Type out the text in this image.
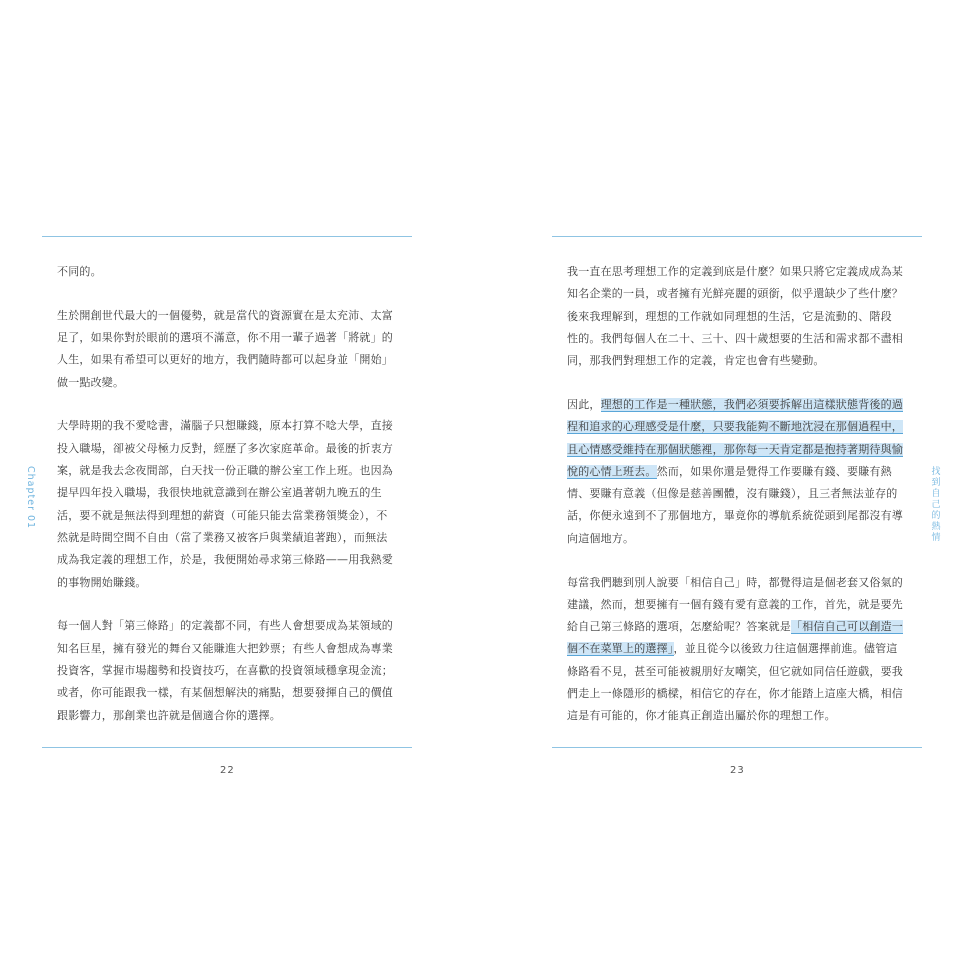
Chapter 01

不同的。

生於開創世代最大的一個優勢，就是當代的資源實在是太充沛、太富
足了，如果你對於眼前的選項不滿意，你不用一輩子過著「將就」的
人生，如果有希望可以更好的地方，我們隨時都可以起身並「開始」
做一點改變。

大學時期的我不愛唸書，滿腦子只想賺錢，原本打算不唸大學，直接
投入職場，卻被父母極力反對，經歷了多次家庭革命。最後的折衷方
案，就是我去念夜間部，白天找一份正職的辦公室工作上班。也因為
提早四年投入職場，我很快地就意識到在辦公室過著朝九晚五的生
活，要不就是無法得到理想的薪資（可能只能去當業務領獎金），不
然就是時間空間不自由（當了業務又被客戶與業績追著跑），而無法
成為我定義的理想工作，於是，我便開始尋求第三條路——用我熱愛
的事物開始賺錢。

每一個人對「第三條路」的定義都不同，有些人會想要成為某領域的
知名巨星，擁有發光的舞台又能賺進大把鈔票；有些人會想成為專業
投資客，掌握市場趨勢和投資技巧，在喜歡的投資領域穩拿現金流；
或者，你可能跟我一樣，有某個想解決的痛點，想要發揮自己的價值
跟影響力，那創業也許就是個適合你的選擇。

22
找
到
自
己
的
熱
情

我一直在思考理想工作的定義到底是什麼？如果只將它定義成成為某
知名企業的一員，或者擁有光鮮亮麗的頭銜，似乎還缺少了些什麼？
後來我理解到，理想的工作就如同理想的生活，它是流動的、階段
性的。我們每個人在二十、三十、四十歲想要的生活和需求都不盡相
同，那我們對理想工作的定義，肯定也會有些變動。

因此，理想的工作是一種狀態，我們必須要拆解出這樣狀態背後的過
程和追求的心理感受是什麼，只要我能夠不斷地沈浸在那個過程中，
且心情感受維持在那個狀態裡，那你每一天肯定都是抱持著期待與愉
悅的心情上班去。然而，如果你還是覺得工作要賺有錢、要賺有熱
情、要賺有意義（但像是慈善團體，沒有賺錢），且三者無法並存的
話，你便永遠到不了那個地方，畢竟你的導航系統從頭到尾都沒有導
向這個地方。

每當我們聽到別人說要「相信自己」時，都覺得這是個老套又俗氣的
建議，然而，想要擁有一個有錢有愛有意義的工作，首先，就是要先
給自己第三條路的選項，怎麼給呢？答案就是「相信自己可以創造一
個不在菜單上的選擇」，並且從今以後致力往這個選擇前進。儘管這
條路看不見，甚至可能被親朋好友嘲笑，但它就如同信任遊戲，要我
們走上一條隱形的橋樑，相信它的存在，你才能踏上這座大橋，相信
這是有可能的，你才能真正創造出屬於你的理想工作。

23
